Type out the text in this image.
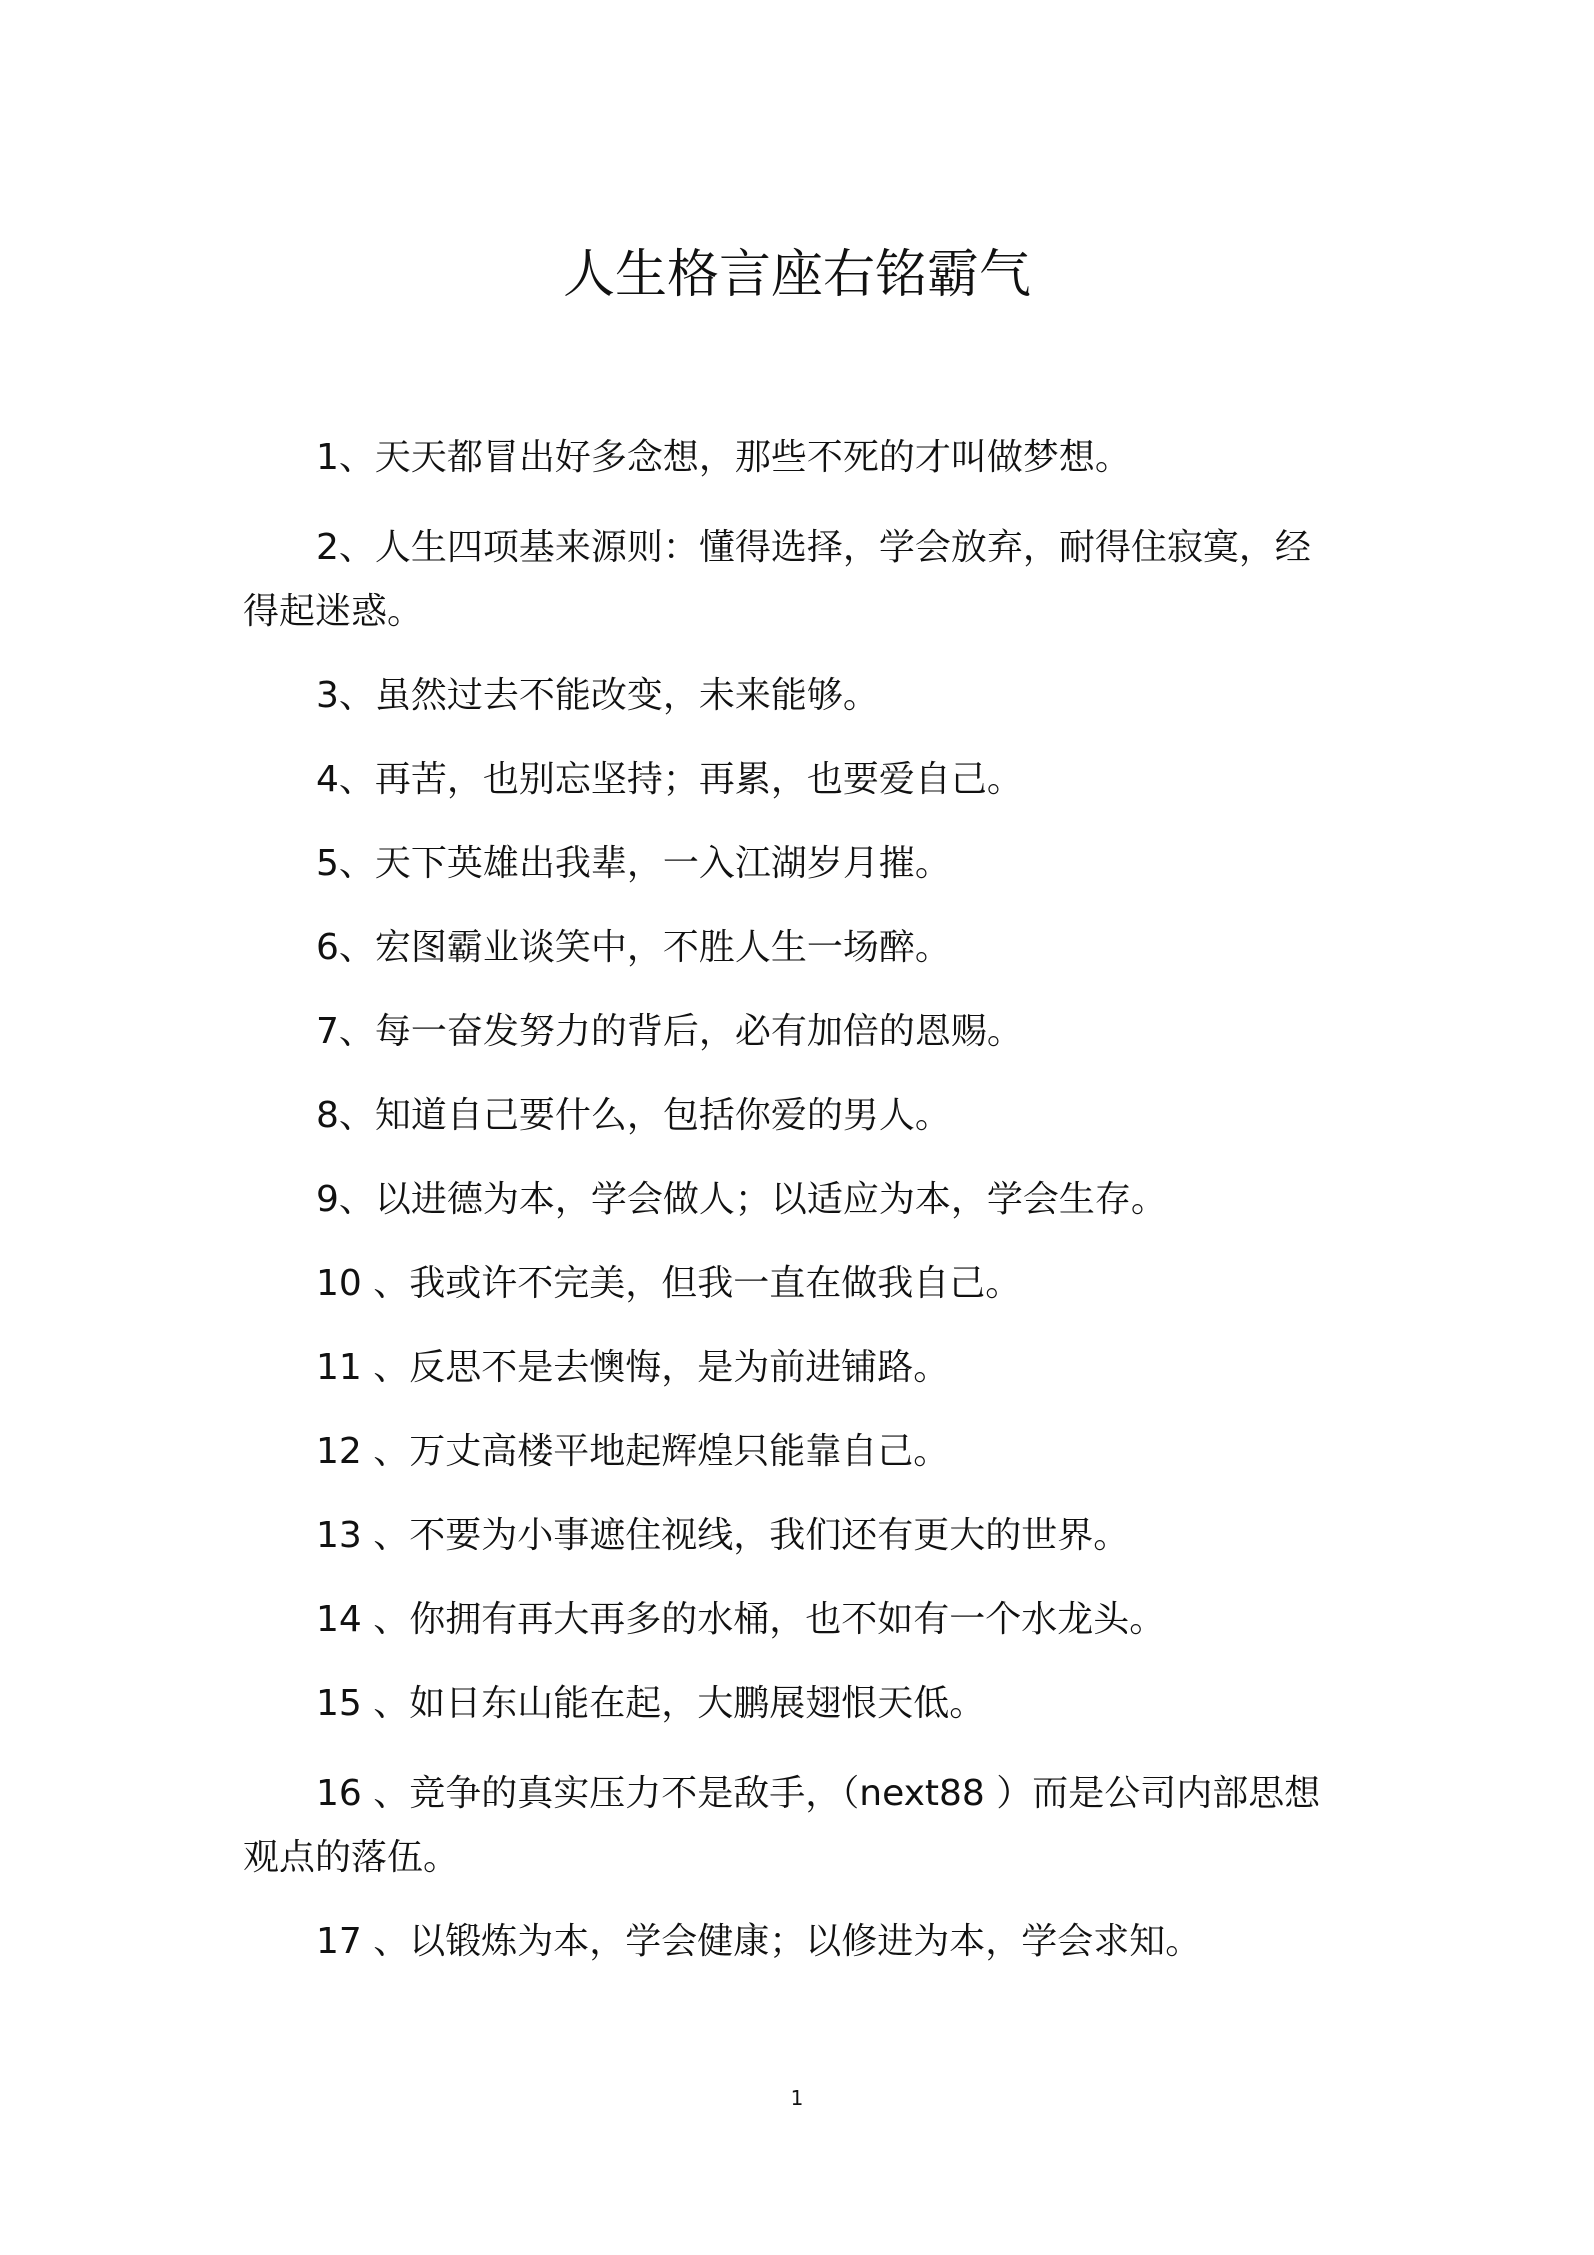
人生格言座右铭霸气

1、天天都冒出好多念想，那些不死的才叫做梦想。

2、人生四项基来源则：懂得选择，学会放弃，耐得住寂寞，经得起迷惑。

3、虽然过去不能改变，未来能够。

4、再苦，也别忘坚持；再累，也要爱自己。

5、天下英雄出我辈，一入江湖岁月摧。

6、宏图霸业谈笑中，不胜人生一场醉。

7、每一奋发努力的背后，必有加倍的恩赐。

8、知道自己要什么，包括你爱的男人。

9、以进德为本，学会做人；以适应为本，学会生存。

10 、我或许不完美，但我一直在做我自己。

11 、反思不是去懊悔，是为前进铺路。

12 、万丈高楼平地起辉煌只能靠自己。

13 、不要为小事遮住视线，我们还有更大的世界。

14 、你拥有再大再多的水桶，也不如有一个水龙头。

15 、如日东山能在起，大鹏展翅恨天低。

16 、竞争的真实压力不是敌手，（next88 ）而是公司内部思想观点的落伍。

17 、以锻炼为本，学会健康；以修进为本，学会求知。

1
